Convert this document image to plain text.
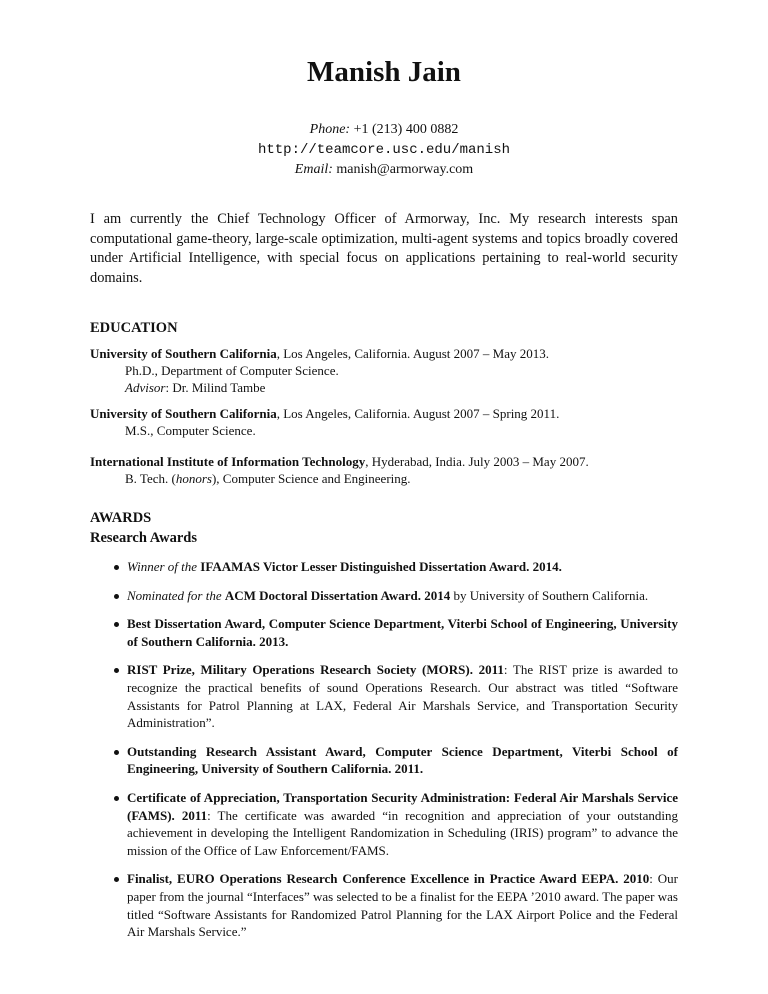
Manish Jain
Phone: +1 (213) 400 0882
http://teamcore.usc.edu/manish
Email: manish@armorway.com
I am currently the Chief Technology Officer of Armorway, Inc. My research interests span computational game-theory, large-scale optimization, multi-agent systems and topics broadly covered under Artificial Intelligence, with special focus on applications pertaining to real-world security domains.
EDUCATION
University of Southern California, Los Angeles, California. August 2007 – May 2013.
Ph.D., Department of Computer Science.
Advisor: Dr. Milind Tambe
University of Southern California, Los Angeles, California. August 2007 – Spring 2011.
M.S., Computer Science.
International Institute of Information Technology, Hyderabad, India. July 2003 – May 2007.
B. Tech. (honors), Computer Science and Engineering.
AWARDS
Research Awards
Winner of the IFAAMAS Victor Lesser Distinguished Dissertation Award. 2014.
Nominated for the ACM Doctoral Dissertation Award. 2014 by University of Southern California.
Best Dissertation Award, Computer Science Department, Viterbi School of Engineering, University of Southern California. 2013.
RIST Prize, Military Operations Research Society (MORS). 2011: The RIST prize is awarded to recognize the practical benefits of sound Operations Research. Our abstract was titled “Software Assistants for Patrol Planning at LAX, Federal Air Marshals Service, and Transportation Security Administration”.
Outstanding Research Assistant Award, Computer Science Department, Viterbi School of Engineering, University of Southern California. 2011.
Certificate of Appreciation, Transportation Security Administration: Federal Air Marshals Service (FAMS). 2011: The certificate was awarded “in recognition and appreciation of your outstanding achievement in developing the Intelligent Randomization in Scheduling (IRIS) program” to advance the mission of the Office of Law Enforcement/FAMS.
Finalist, EURO Operations Research Conference Excellence in Practice Award EEPA. 2010: Our paper from the journal “Interfaces” was selected to be a finalist for the EEPA ’2010 award. The paper was titled “Software Assistants for Randomized Patrol Planning for the LAX Airport Police and the Federal Air Marshals Service.”
